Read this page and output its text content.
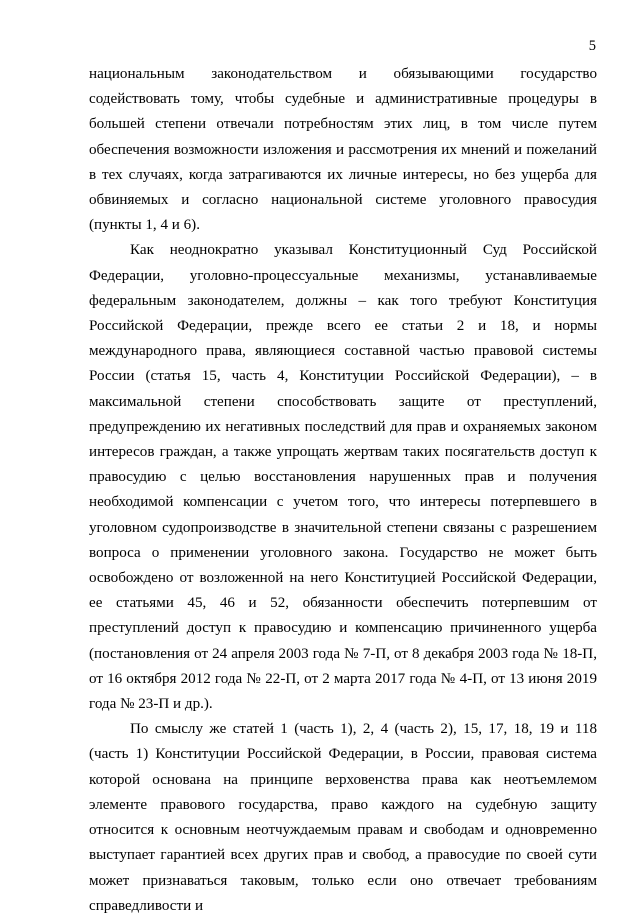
5

национальным законодательством и обязывающими государство содействовать тому, чтобы судебные и административные процедуры в большей степени отвечали потребностям этих лиц, в том числе путем обеспечения возможности изложения и рассмотрения их мнений и пожеланий в тех случаях, когда затрагиваются их личные интересы, но без ущерба для обвиняемых и согласно национальной системе уголовного правосудия (пункты 1, 4 и 6).

Как неоднократно указывал Конституционный Суд Российской Федерации, уголовно-процессуальные механизмы, устанавливаемые федеральным законодателем, должны – как того требуют Конституция Российской Федерации, прежде всего ее статьи 2 и 18, и нормы международного права, являющиеся составной частью правовой системы России (статья 15, часть 4, Конституции Российской Федерации), – в максимальной степени способствовать защите от преступлений, предупреждению их негативных последствий для прав и охраняемых законом интересов граждан, а также упрощать жертвам таких посягательств доступ к правосудию с целью восстановления нарушенных прав и получения необходимой компенсации с учетом того, что интересы потерпевшего в уголовном судопроизводстве в значительной степени связаны с разрешением вопроса о применении уголовного закона. Государство не может быть освобождено от возложенной на него Конституцией Российской Федерации, ее статьями 45, 46 и 52, обязанности обеспечить потерпевшим от преступлений доступ к правосудию и компенсацию причиненного ущерба (постановления от 24 апреля 2003 года № 7-П, от 8 декабря 2003 года № 18-П, от 16 октября 2012 года № 22-П, от 2 марта 2017 года № 4-П, от 13 июня 2019 года № 23-П и др.).

По смыслу же статей 1 (часть 1), 2, 4 (часть 2), 15, 17, 18, 19 и 118 (часть 1) Конституции Российской Федерации, в России, правовая система которой основана на принципе верховенства права как неотъемлемом элементе правового государства, право каждого на судебную защиту относится к основным неотчуждаемым правам и свободам и одновременно выступает гарантией всех других прав и свобод, а правосудие по своей сути может признаваться таковым, только если оно отвечает требованиям справедливости и
